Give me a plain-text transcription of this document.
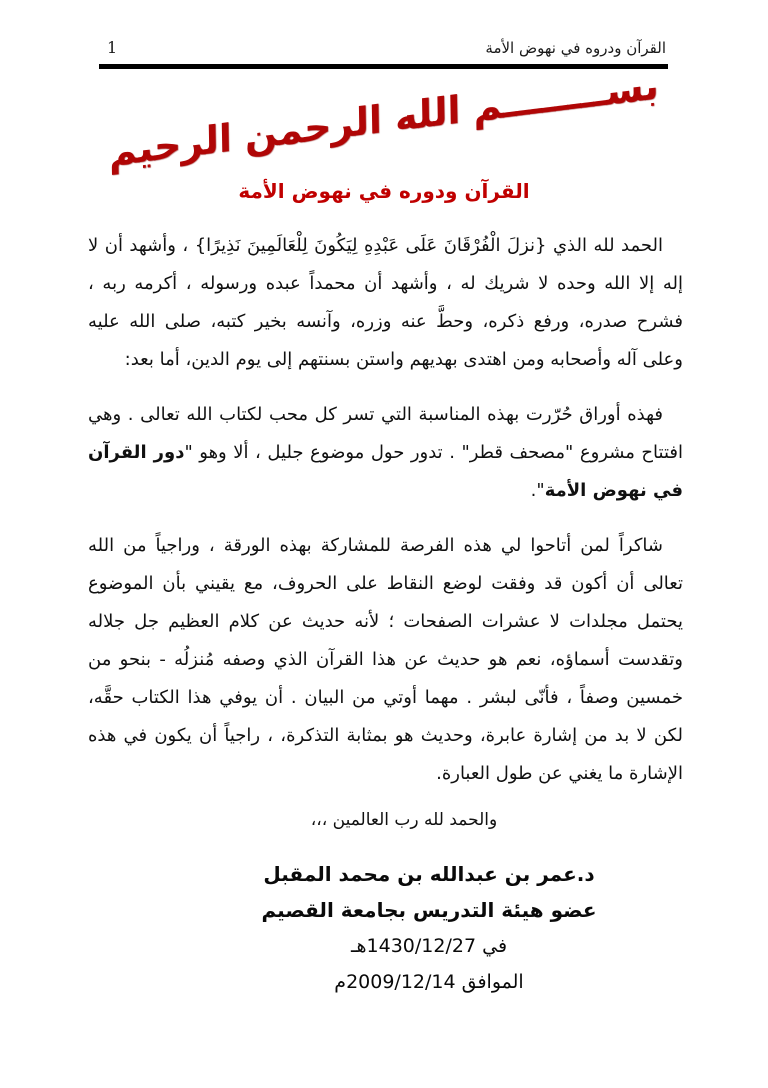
1	القرآن ودروه في نهوض الأمة
بســــــــم الله الرحمن الرحيم
القرآن ودوره في نهوض الأمة

الحمد لله الذي {نزلَ الْفُرْقَانَ عَلَى عَبْدِهِ لِيَكُونَ لِلْعَالَمِينَ نَذِيرًا} ، وأشهد أن لا إله إلا الله وحده لا شريك له ، وأشهد أن محمداً عبده ورسوله ، أكرمه ربه ، فشرح صدره، ورفع ذكره، وحطَّ عنه وزره، وآنسه بخير كتبه، صلى الله عليه وعلى آله وأصحابه ومن اهتدى بهديهم واستن بسنتهم إلى يوم الدين، أما بعد:

فهذه أوراق حُرّرت بهذه المناسبة التي تسر كل محب لكتاب الله تعالى . وهي افتتاح مشروع "مصحف قطر" . تدور حول موضوع جليل ، ألا وهو "دور القرآن في نهوض الأمة".

شاكراً لمن أتاحوا لي هذه الفرصة للمشاركة بهذه الورقة ، وراجياً من الله تعالى أن أكون قد وفقت لوضع النقاط على الحروف، مع يقيني بأن الموضوع يحتمل مجلدات لا عشرات الصفحات ؛ لأنه حديث عن كلام العظيم جل جلاله وتقدست أسماؤه، نعم هو حديث عن هذا القرآن الذي وصفه مُنزلُه - بنحو من خمسين وصفاً ، فأنّى لبشر . مهما أوتي من البيان . أن يوفي هذا الكتاب حقَّه، لكن لا بد من إشارة عابرة، وحديث هو بمثابة التذكرة، ، راجياً أن يكون في هذه الإشارة ما يغني عن طول العبارة.

والحمد لله رب العالمين ،،،
د.عمر بن عبدالله بن محمد المقبل
عضو هيئة التدريس بجامعة القصيم
في 1430/12/27هـ
الموافق 2009/12/14م
